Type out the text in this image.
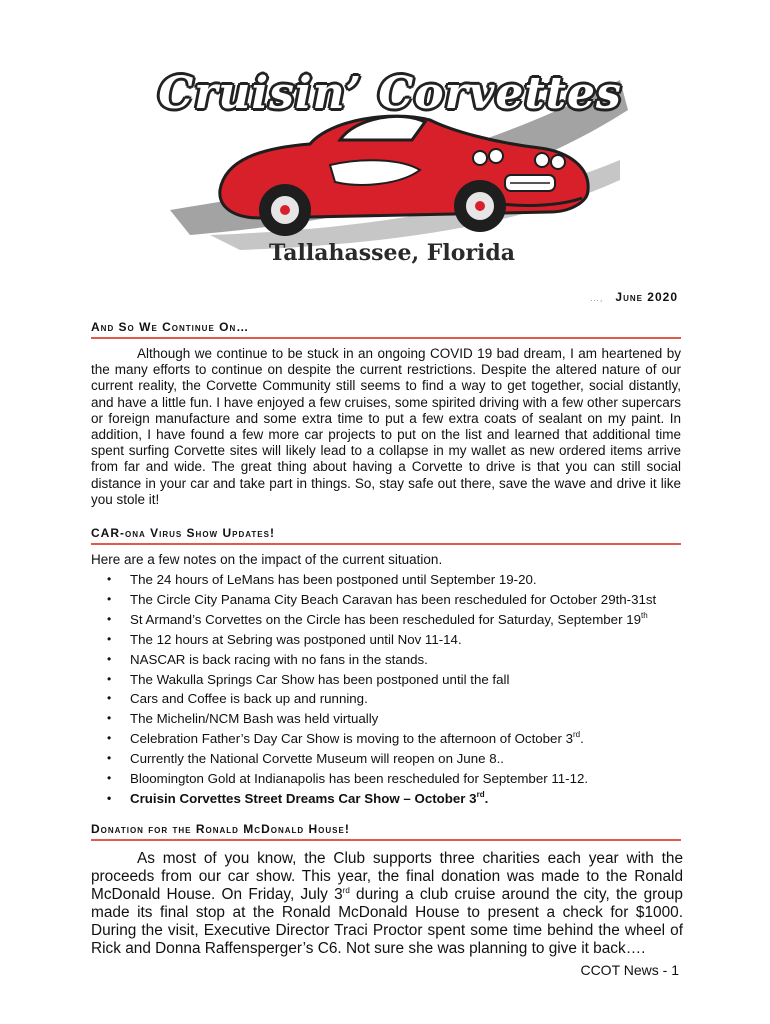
Cruisin’ Corvettes
Tallahassee, Florida
…, June 2020
And So We Continue On…
Although we continue to be stuck in an ongoing COVID 19 bad dream, I am heartened by the many efforts to continue on despite the current restrictions. Despite the altered nature of our current reality, the Corvette Community still seems to find a way to get together, social distantly, and have a little fun. I have enjoyed a few cruises, some spirited driving with a few other supercars or foreign manufacture and some extra time to put a few extra coats of sealant on my paint. In addition, I have found a few more car projects to put on the list and learned that additional time spent surfing Corvette sites will likely lead to a collapse in my wallet as new ordered items arrive from far and wide. The great thing about having a Corvette to drive is that you can still social distance in your car and take part in things. So, stay safe out there, save the wave and drive it like you stole it!
CAR-ona Virus Show Updates!
Here are a few notes on the impact of the current situation.
• The 24 hours of LeMans has been postponed until September 19-20.
• The Circle City Panama City Beach Caravan has been rescheduled for October 29th-31st
• St Armand’s Corvettes on the Circle has been rescheduled for Saturday, September 19th
• The 12 hours at Sebring was postponed until Nov 11-14.
• NASCAR is back racing with no fans in the stands.
• The Wakulla Springs Car Show has been postponed until the fall
• Cars and Coffee is back up and running.
• The Michelin/NCM Bash was held virtually
• Celebration Father’s Day Car Show is moving to the afternoon of October 3rd.
• Currently the National Corvette Museum will reopen on June 8..
• Bloomington Gold at Indianapolis has been rescheduled for September 11-12.
• Cruisin Corvettes Street Dreams Car Show – October 3rd.
Donation for the Ronald McDonald House!
As most of you know, the Club supports three charities each year with the proceeds from our car show. This year, the final donation was made to the Ronald McDonald House. On Friday, July 3rd during a club cruise around the city, the group made its final stop at the Ronald McDonald House to present a check for $1000. During the visit, Executive Director Traci Proctor spent some time behind the wheel of Rick and Donna Raffensperger’s C6. Not sure she was planning to give it back….
CCOT News - 1
